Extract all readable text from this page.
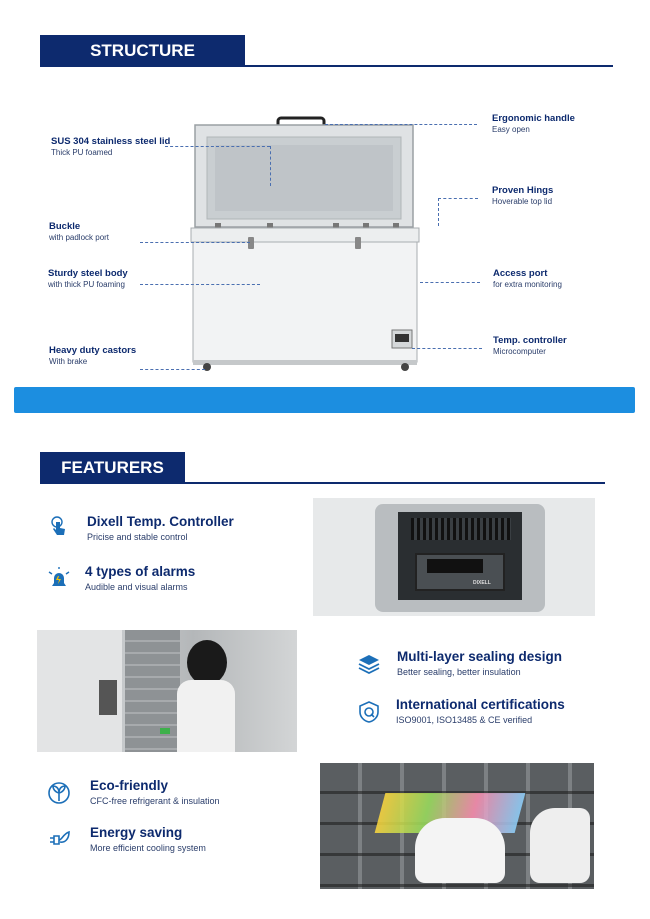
STRUCTURE
SUS 304 stainless steel lid
Thick PU foamed
Buckle
with padlock port
Sturdy steel body
with thick PU foaming
Heavy duty castors
With brake
Ergonomic handle
Easy open
Proven Hings
Hoverable top lid
Access port
for extra monitoring
Temp. controller
Microcomputer
FEATURERS
Dixell Temp. Controller
Pricise and stable control
4 types of alarms
Audible and visual alarms	DIXELL
Multi-layer sealing design
Better sealing, better insulation
International certifications
ISO9001, ISO13485 & CE verified
Eco-friendly
CFC-free refrigerant & insulation
Energy saving
More efficient cooling system
